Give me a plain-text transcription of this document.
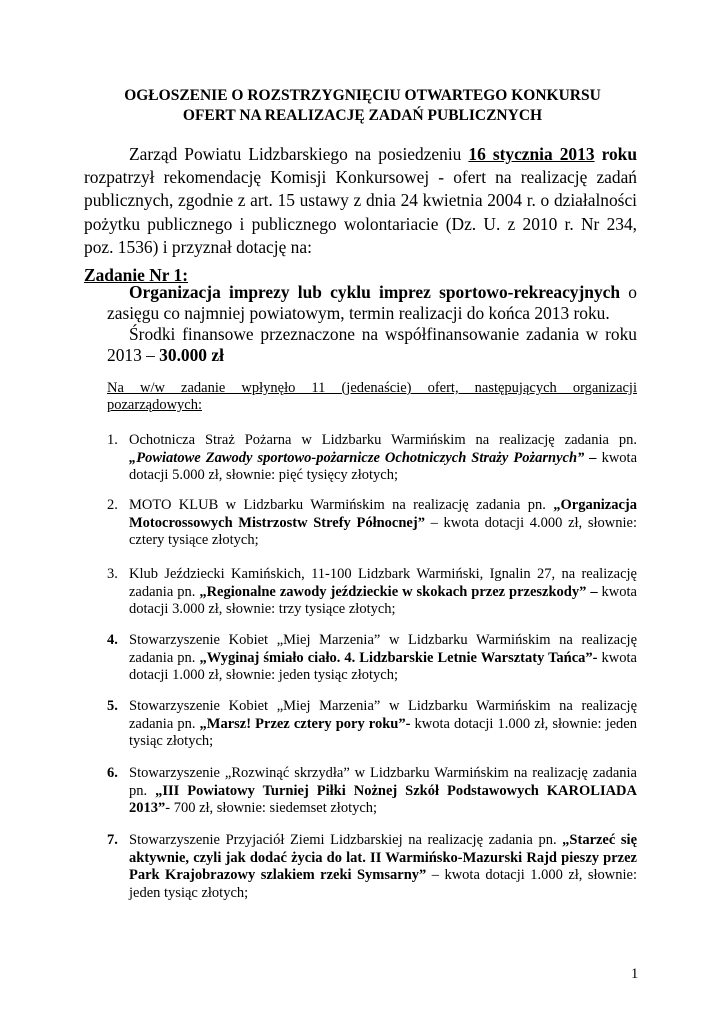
OGŁOSZENIE O ROZSTRZYGNIĘCIU OTWARTEGO KONKURSU
OFERT NA REALIZACJĘ ZADAŃ PUBLICZNYCH
Zarząd Powiatu Lidzbarskiego na posiedzeniu 16 stycznia 2013 roku rozpatrzył rekomendację Komisji Konkursowej - ofert na realizację zadań publicznych, zgodnie z art. 15 ustawy z dnia 24 kwietnia 2004 r. o działalności pożytku publicznego i publicznego wolontariacie (Dz. U. z 2010 r. Nr 234, poz. 1536) i przyznał dotację na:
Zadanie Nr 1:
Organizacja imprezy lub cyklu imprez sportowo-rekreacyjnych o zasięgu co najmniej powiatowym, termin realizacji do końca 2013 roku.
Środki finansowe przeznaczone na współfinansowanie zadania w roku 2013 – 30.000 zł
Na w/w zadanie wpłynęło 11 (jedenaście) ofert, następujących organizacji
pozarządowych:
1. Ochotnicza Straż Pożarna w Lidzbarku Warmińskim na realizację zadania pn. „Powiatowe Zawody sportowo-pożarnicze Ochotniczych Straży Pożarnych” – kwota dotacji 5.000 zł, słownie: pięć tysięcy złotych;
2. MOTO KLUB w Lidzbarku Warmińskim na realizację zadania pn. „Organizacja Motocrossowych Mistrzostw Strefy Północnej” – kwota dotacji 4.000 zł, słownie: cztery tysiące złotych;
3. Klub Jeździecki Kamińskich, 11-100 Lidzbark Warmiński, Ignalin 27, na realizację zadania pn. „Regionalne zawody jeździeckie w skokach przez przeszkody” – kwota dotacji 3.000 zł, słownie: trzy tysiące złotych;
4. Stowarzyszenie Kobiet „Miej Marzenia” w Lidzbarku Warmińskim na realizację zadania pn. „Wyginaj śmiało ciało. 4. Lidzbarskie Letnie Warsztaty Tańca”- kwota dotacji 1.000 zł, słownie: jeden tysiąc złotych;
5. Stowarzyszenie Kobiet „Miej Marzenia” w Lidzbarku Warmińskim na realizację zadania pn. „Marsz! Przez cztery pory roku”- kwota dotacji 1.000 zł, słownie: jeden tysiąc złotych;
6. Stowarzyszenie „Rozwinąć skrzydła” w Lidzbarku Warmińskim na realizację zadania pn. „III Powiatowy Turniej Piłki Nożnej Szkół Podstawowych KAROLIADA 2013”- 700 zł, słownie: siedemset złotych;
7. Stowarzyszenie Przyjaciół Ziemi Lidzbarskiej na realizację zadania pn. „Starzeć się aktywnie, czyli jak dodać życia do lat. II Warmińsko-Mazurski Rajd pieszy przez Park Krajobrazowy szlakiem rzeki Symsarny” – kwota dotacji 1.000 zł, słownie: jeden tysiąc złotych;
1
